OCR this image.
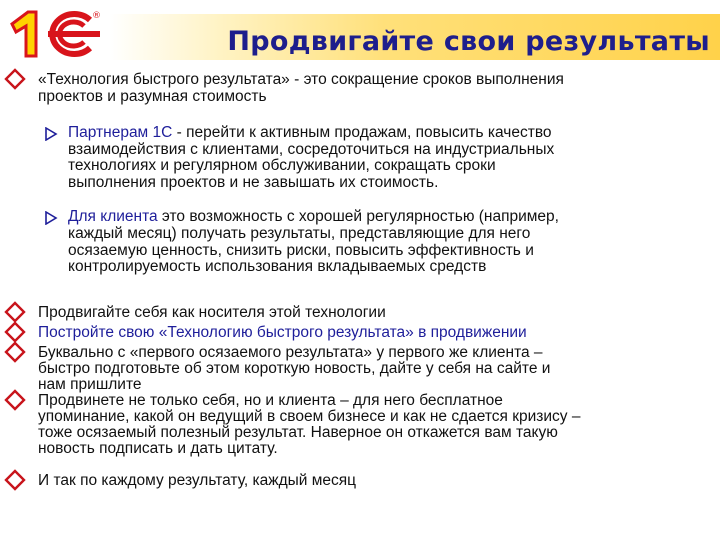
Продвигайте свои результаты
®
«Технология быстрого результата» - это сокращение сроков выполнения
проектов и разумная стоимость
Партнерам 1С - перейти к активным продажам, повысить качество
взаимодействия с клиентами, сосредоточиться на индустриальных
технологиях и регулярном обслуживании, сокращать сроки
выполнения проектов и не завышать их стоимость.
Для клиента это возможность с хорошей регулярностью (например,
каждый месяц) получать результаты, представляющие для него
осязаемую ценность, снизить риски, повысить эффективность и
контролируемость использования вкладываемых средств
Продвигайте себя как носителя этой технологии
Постройте свою «Технологию быстрого результата» в продвижении
Буквально с «первого осязаемого результата» у первого же клиента –
быстро подготовьте об этом короткую новость, дайте у себя на сайте и
нам пришлите
Продвинете не только себя, но и клиента – для него бесплатное
упоминание, какой он ведущий в своем бизнесе и как не сдается кризису –
тоже осязаемый полезный результат. Наверное он откажется вам такую
новость подписать и дать цитату.
И так по каждому результату, каждый месяц
